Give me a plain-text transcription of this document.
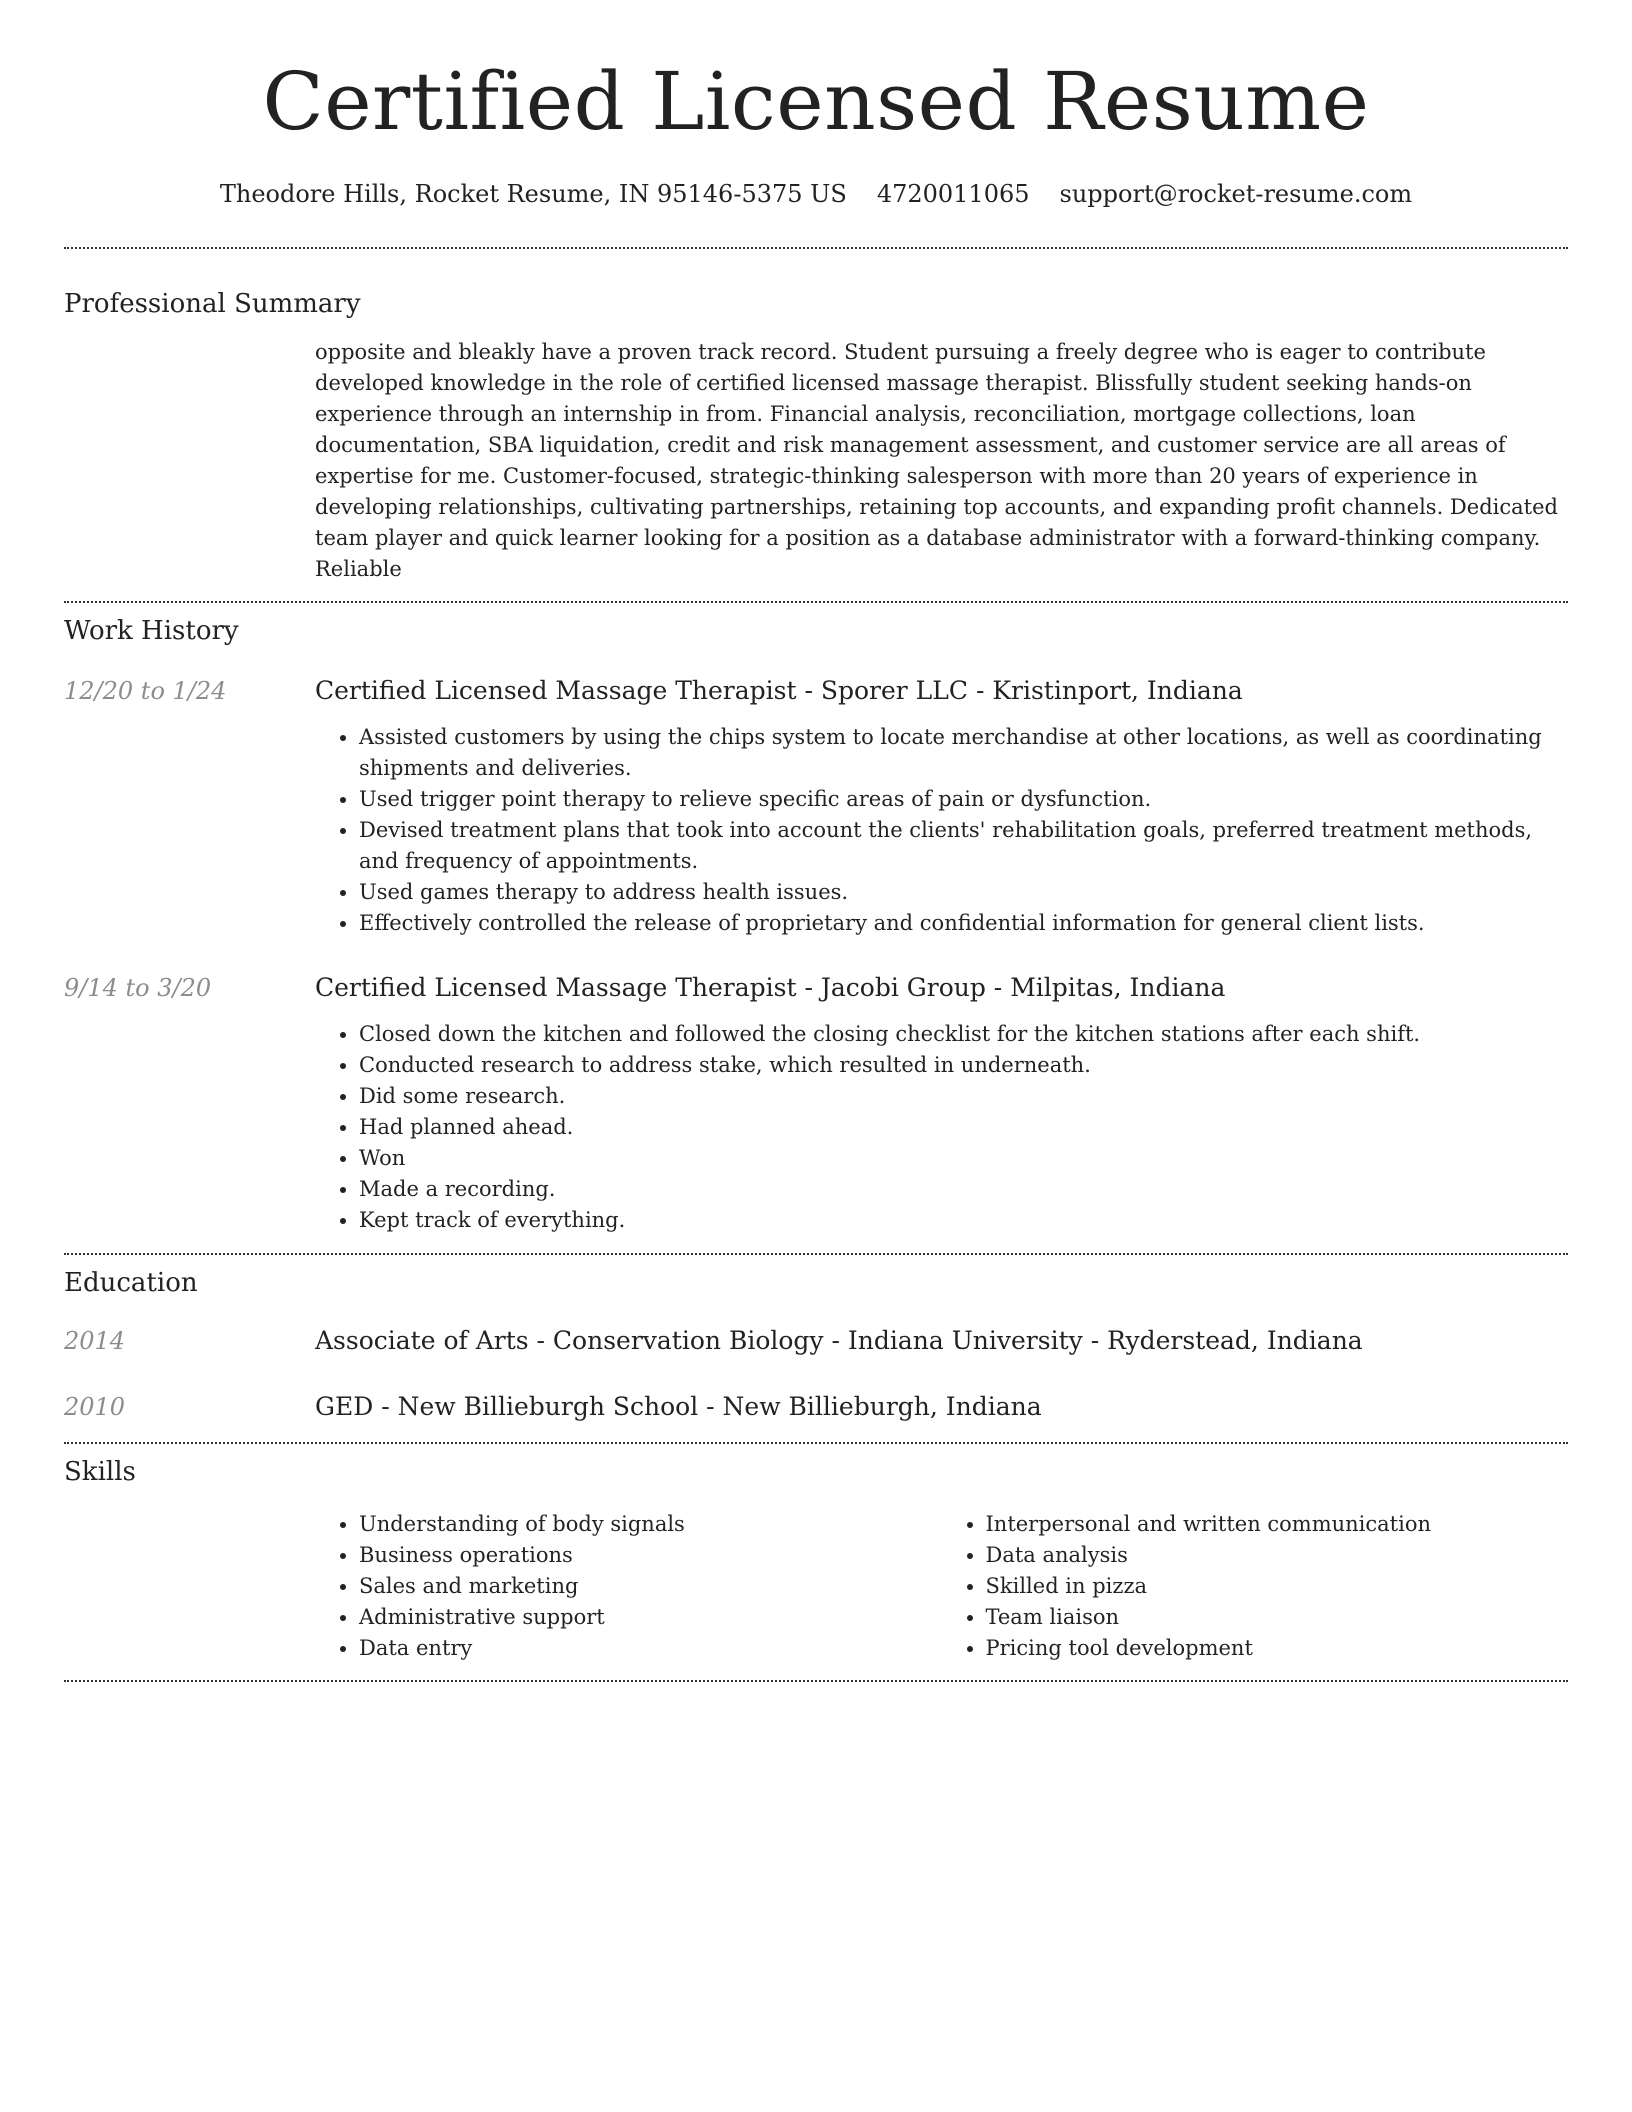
Certified Licensed Resume
Theodore Hills, Rocket Resume, IN 95146-5375 US 4720011065 support@rocket-resume.com
Professional Summary

opposite and bleakly have a proven track record. Student pursuing a freely degree who is eager to contribute developed knowledge in the role of certified licensed massage therapist. Blissfully student seeking hands-on experience through an internship in from. Financial analysis, reconciliation, mortgage collections, loan documentation, SBA liquidation, credit and risk management assessment, and customer service are all areas of expertise for me. Customer-focused, strategic-thinking salesperson with more than 20 years of experience in developing relationships, cultivating partnerships, retaining top accounts, and expanding profit channels. Dedicated team player and quick learner looking for a position as a database administrator with a forward-thinking company. Reliable

Work History
12/20 to 1/24	Certified Licensed Massage Therapist - Sporer LLC - Kristinport, Indiana
• Assisted customers by using the chips system to locate merchandise at other locations, as well as coordinating shipments and deliveries.
• Used trigger point therapy to relieve specific areas of pain or dysfunction.
• Devised treatment plans that took into account the clients' rehabilitation goals, preferred treatment methods, and frequency of appointments.
• Used games therapy to address health issues.
• Effectively controlled the release of proprietary and confidential information for general client lists.
9/14 to 3/20	Certified Licensed Massage Therapist - Jacobi Group - Milpitas, Indiana
• Closed down the kitchen and followed the closing checklist for the kitchen stations after each shift.
• Conducted research to address stake, which resulted in underneath.
• Did some research.
• Had planned ahead.
• Won
• Made a recording.
• Kept track of everything.
Education
2014	Associate of Arts - Conservation Biology - Indiana University - Ryderstead, Indiana
2010	GED - New Billieburgh School - New Billieburgh, Indiana
Skills
• Understanding of body signals
• Business operations
• Sales and marketing
• Administrative support
• Data entry
• Interpersonal and written communication
• Data analysis
• Skilled in pizza
• Team liaison
• Pricing tool development
